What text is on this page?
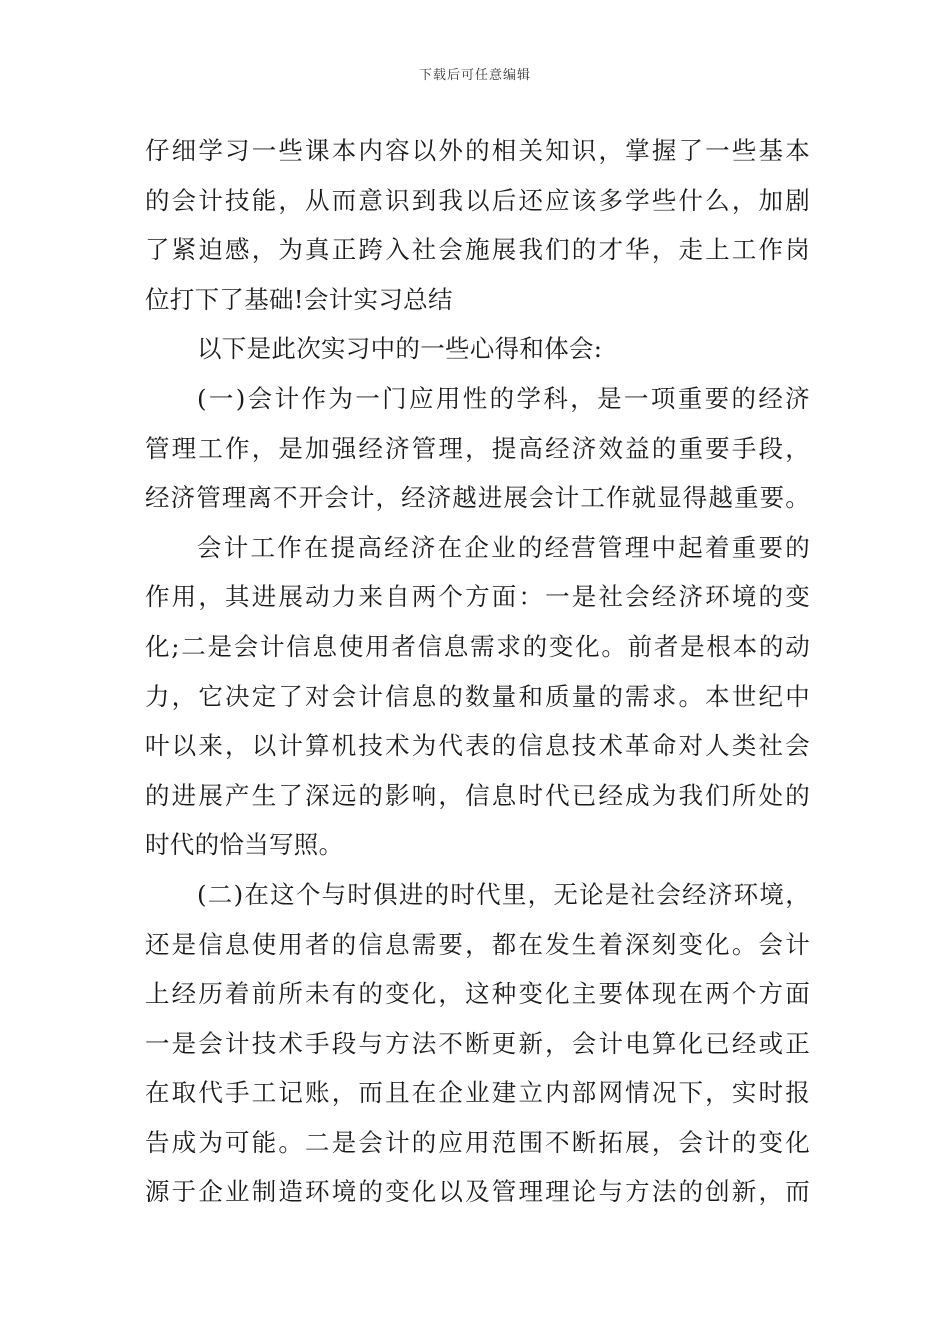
下载后可任意编辑
仔细学习一些课本内容以外的相关知识，掌握了一些基本
的会计技能，从而意识到我以后还应该多学些什么，加剧
了紧迫感，为真正跨入社会施展我们的才华，走上工作岗
位打下了基础!会计实习总结
以下是此次实习中的一些心得和体会:
(一)会计作为一门应用性的学科，是一项重要的经济
管理工作，是加强经济管理，提高经济效益的重要手段，
经济管理离不开会计，经济越进展会计工作就显得越重要。
会计工作在提高经济在企业的经营管理中起着重要的
作用，其进展动力来自两个方面：一是社会经济环境的变
化;二是会计信息使用者信息需求的变化。前者是根本的动
力，它决定了对会计信息的数量和质量的需求。本世纪中
叶以来，以计算机技术为代表的信息技术革命对人类社会
的进展产生了深远的影响，信息时代已经成为我们所处的
时代的恰当写照。
(二)在这个与时俱进的时代里，无论是社会经济环境，
还是信息使用者的信息需要，都在发生着深刻变化。会计
上经历着前所未有的变化，这种变化主要体现在两个方面
一是会计技术手段与方法不断更新，会计电算化已经或正
在取代手工记账，而且在企业建立内部网情况下，实时报
告成为可能。二是会计的应用范围不断拓展，会计的变化
源于企业制造环境的变化以及管理理论与方法的创新，而
